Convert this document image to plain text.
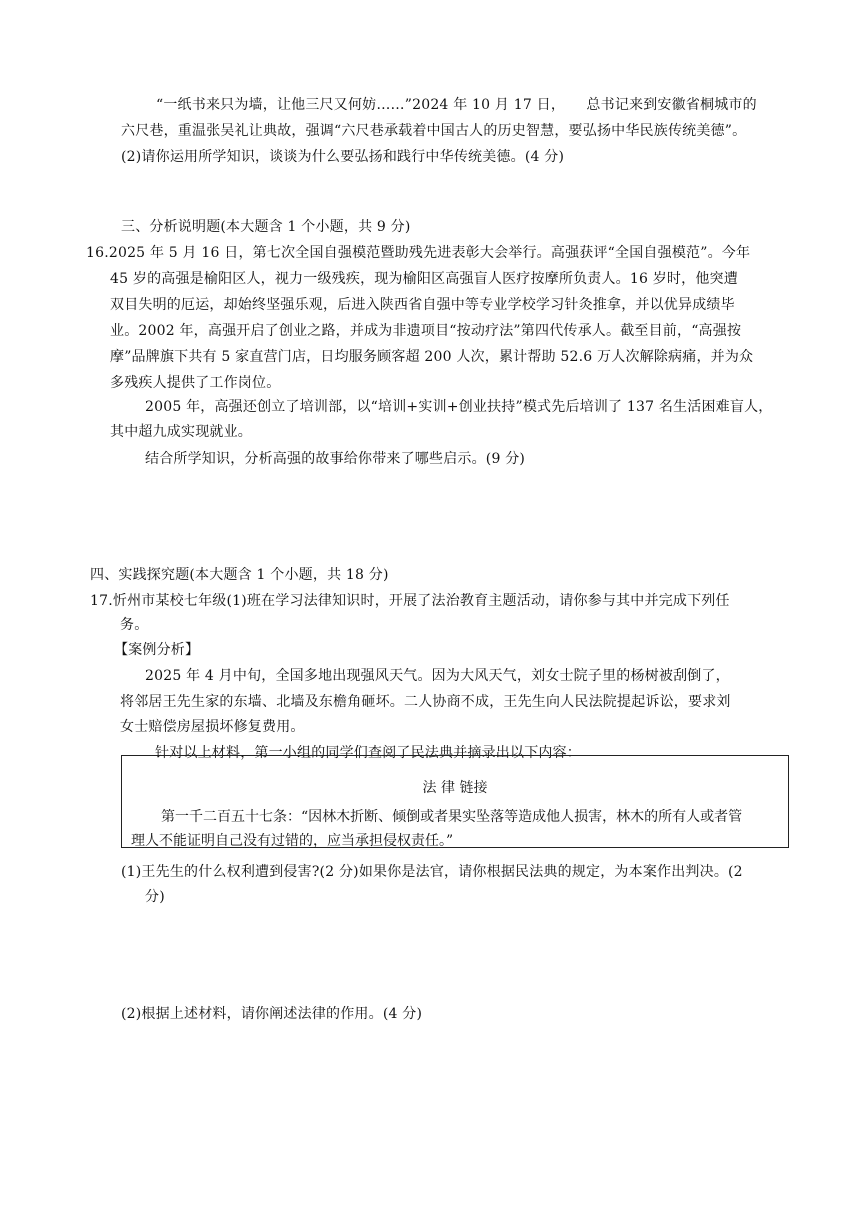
“一纸书来只为墙，让他三尺又何妨……”2024 年 10 月 17 日，　　总书记来到安徽省桐城市的
六尺巷，重温张吴礼让典故，强调“六尺巷承载着中国古人的历史智慧，要弘扬中华民族传统美德”。
(2)请你运用所学知识，谈谈为什么要弘扬和践行中华传统美德。(4 分)
三、分析说明题(本大题含 1 个小题，共 9 分)
16.2025 年 5 月 16 日，第七次全国自强模范暨助残先进表彰大会举行。高强获评“全国自强模范”。今年
45 岁的高强是榆阳区人，视力一级残疾，现为榆阳区高强盲人医疗按摩所负责人。16 岁时，他突遭
双目失明的厄运，却始终坚强乐观，后进入陕西省自强中等专业学校学习针灸推拿，并以优异成绩毕
业。2002 年，高强开启了创业之路，并成为非遗项目“按动疗法”第四代传承人。截至目前，“高强按
摩”品牌旗下共有 5 家直营门店，日均服务顾客超 200 人次，累计帮助 52.6 万人次解除病痛，并为众
多残疾人提供了工作岗位。
2005 年，高强还创立了培训部，以“培训+实训+创业扶持”模式先后培训了 137 名生活困难盲人，
其中超九成实现就业。
结合所学知识，分析高强的故事给你带来了哪些启示。(9 分)
四、实践探究题(本大题含 1 个小题，共 18 分)
17.忻州市某校七年级(1)班在学习法律知识时，开展了法治教育主题活动，请你参与其中并完成下列任
务。
【案例分析】
2025 年 4 月中旬，全国多地出现强风天气。因为大风天气，刘女士院子里的杨树被刮倒了，
将邻居王先生家的东墙、北墙及东檐角砸坏。二人协商不成，王先生向人民法院提起诉讼，要求刘
女士赔偿房屋损坏修复费用。
针对以上材料，第一小组的同学们查阅了民法典并摘录出以下内容：
法 律 链接
第一千二百五十七条：“因林木折断、倾倒或者果实坠落等造成他人损害，林木的所有人或者管
理人不能证明自己没有过错的，应当承担侵权责任。”
(1)王先生的什么权利遭到侵害?(2 分)如果你是法官，请你根据民法典的规定，为本案作出判决。(2
分)
(2)根据上述材料，请你阐述法律的作用。(4 分)
